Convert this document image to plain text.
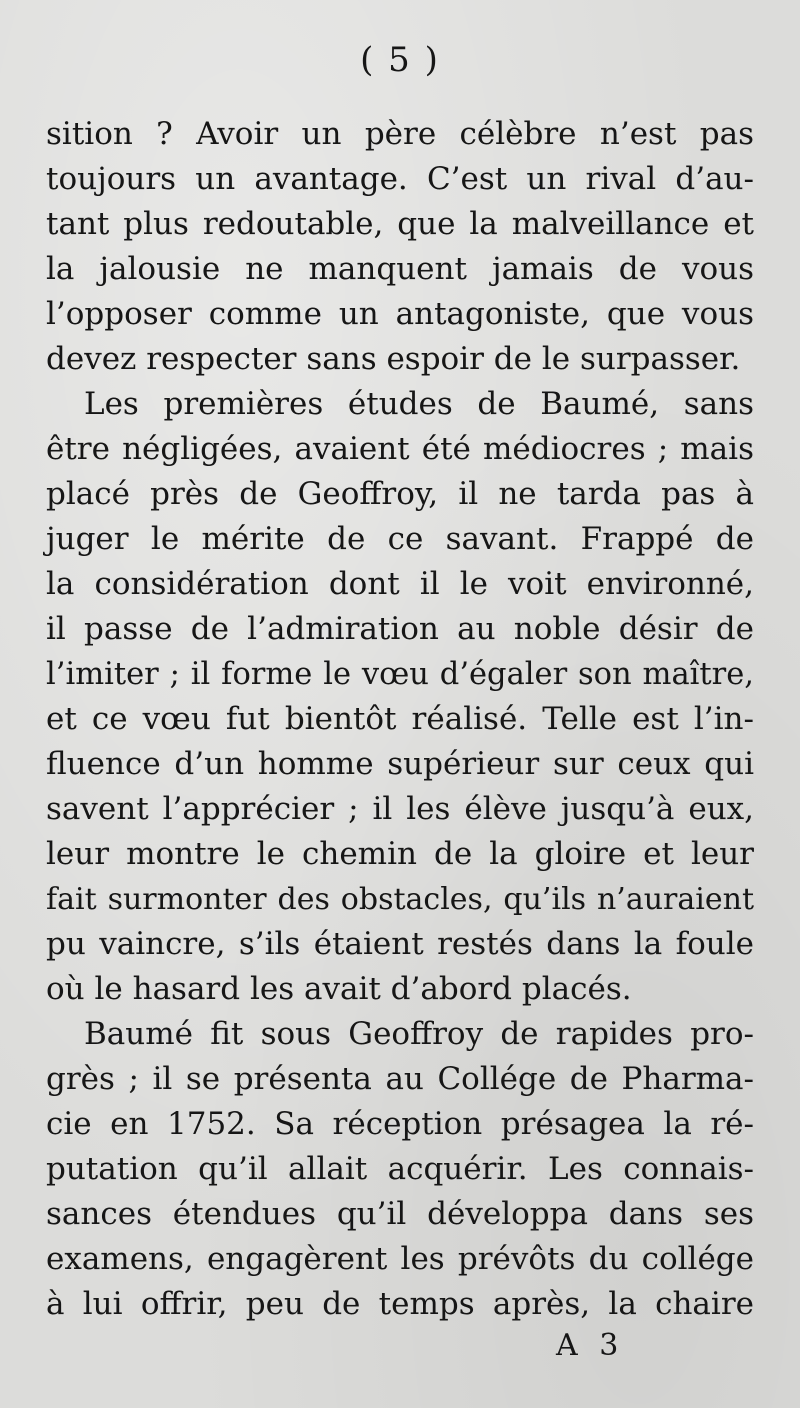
( 5 )
sition ? Avoir un père célèbre n’est pas
toujours un avantage. C’est un rival d’au-
tant plus redoutable, que la malveillance et
la jalousie ne manquent jamais de vous
l’opposer comme un antagoniste, que vous
devez respecter sans espoir de le surpasser.
Les premières études de Baumé, sans
être négligées, avaient été médiocres ; mais
placé près de Geoffroy, il ne tarda pas à
juger le mérite de ce savant. Frappé de
la considération dont il le voit environné,
il passe de l’admiration au noble désir de
l’imiter ; il forme le vœu d’égaler son maître,
et ce vœu fut bientôt réalisé. Telle est l’in-
fluence d’un homme supérieur sur ceux qui
savent l’apprécier ; il les élève jusqu’à eux,
leur montre le chemin de la gloire et leur
fait surmonter des obstacles, qu’ils n’auraient
pu vaincre, s’ils étaient restés dans la foule
où le hasard les avait d’abord placés.
Baumé fit sous Geoffroy de rapides pro-
grès ; il se présenta au Collége de Pharma-
cie en 1752. Sa réception présagea la ré-
putation qu’il allait acquérir. Les connais-
sances étendues qu’il développa dans ses
examens, engagèrent les prévôts du collége
à lui offrir, peu de temps après, la chaire
A 3
